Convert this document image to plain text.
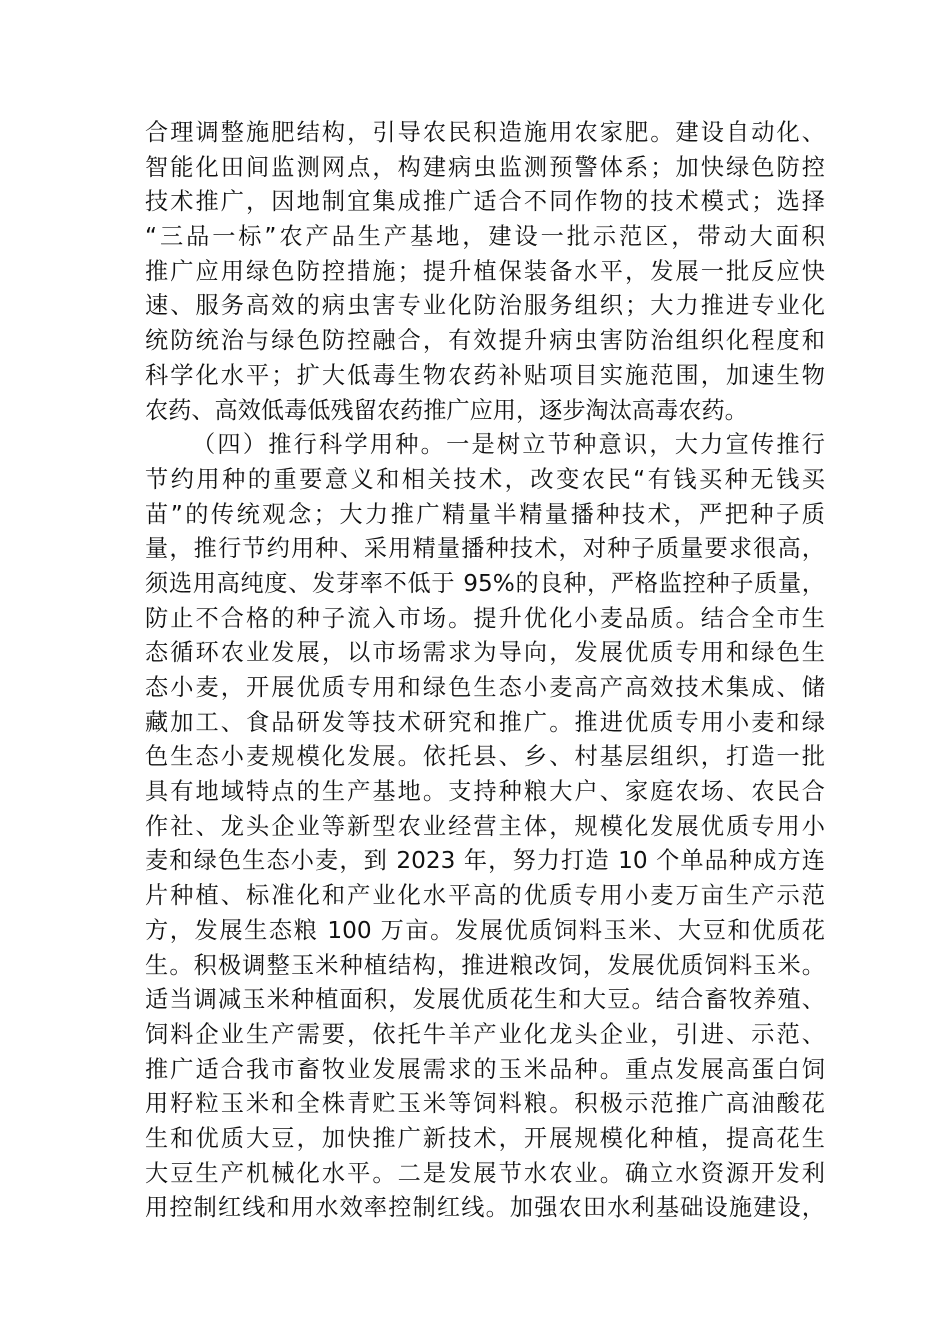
合理调整施肥结构，引导农民积造施用农家肥。建设自动化、
智能化田间监测网点，构建病虫监测预警体系；加快绿色防控
技术推广，因地制宜集成推广适合不同作物的技术模式；选择
“三品一标”农产品生产基地，建设一批示范区，带动大面积
推广应用绿色防控措施；提升植保装备水平，发展一批反应快
速、服务高效的病虫害专业化防治服务组织；大力推进专业化
统防统治与绿色防控融合，有效提升病虫害防治组织化程度和
科学化水平；扩大低毒生物农药补贴项目实施范围，加速生物
农药、高效低毒低残留农药推广应用，逐步淘汰高毒农药。
（四）推行科学用种。一是树立节种意识，大力宣传推行
节约用种的重要意义和相关技术，改变农民“有钱买种无钱买
苗”的传统观念；大力推广精量半精量播种技术，严把种子质
量，推行节约用种、采用精量播种技术，对种子质量要求很高，
须选用高纯度、发芽率不低于 95%的良种，严格监控种子质量，
防止不合格的种子流入市场。提升优化小麦品质。结合全市生
态循环农业发展，以市场需求为导向，发展优质专用和绿色生
态小麦，开展优质专用和绿色生态小麦高产高效技术集成、储
藏加工、食品研发等技术研究和推广。推进优质专用小麦和绿
色生态小麦规模化发展。依托县、乡、村基层组织，打造一批
具有地域特点的生产基地。支持种粮大户、家庭农场、农民合
作社、龙头企业等新型农业经营主体，规模化发展优质专用小
麦和绿色生态小麦，到 2023 年，努力打造 10 个单品种成方连
片种植、标准化和产业化水平高的优质专用小麦万亩生产示范
方，发展生态粮 100 万亩。发展优质饲料玉米、大豆和优质花
生。积极调整玉米种植结构，推进粮改饲，发展优质饲料玉米。
适当调减玉米种植面积，发展优质花生和大豆。结合畜牧养殖、
饲料企业生产需要，依托牛羊产业化龙头企业，引进、示范、
推广适合我市畜牧业发展需求的玉米品种。重点发展高蛋白饲
用籽粒玉米和全株青贮玉米等饲料粮。积极示范推广高油酸花
生和优质大豆，加快推广新技术，开展规模化种植，提高花生
大豆生产机械化水平。二是发展节水农业。确立水资源开发利
用控制红线和用水效率控制红线。加强农田水利基础设施建设，
